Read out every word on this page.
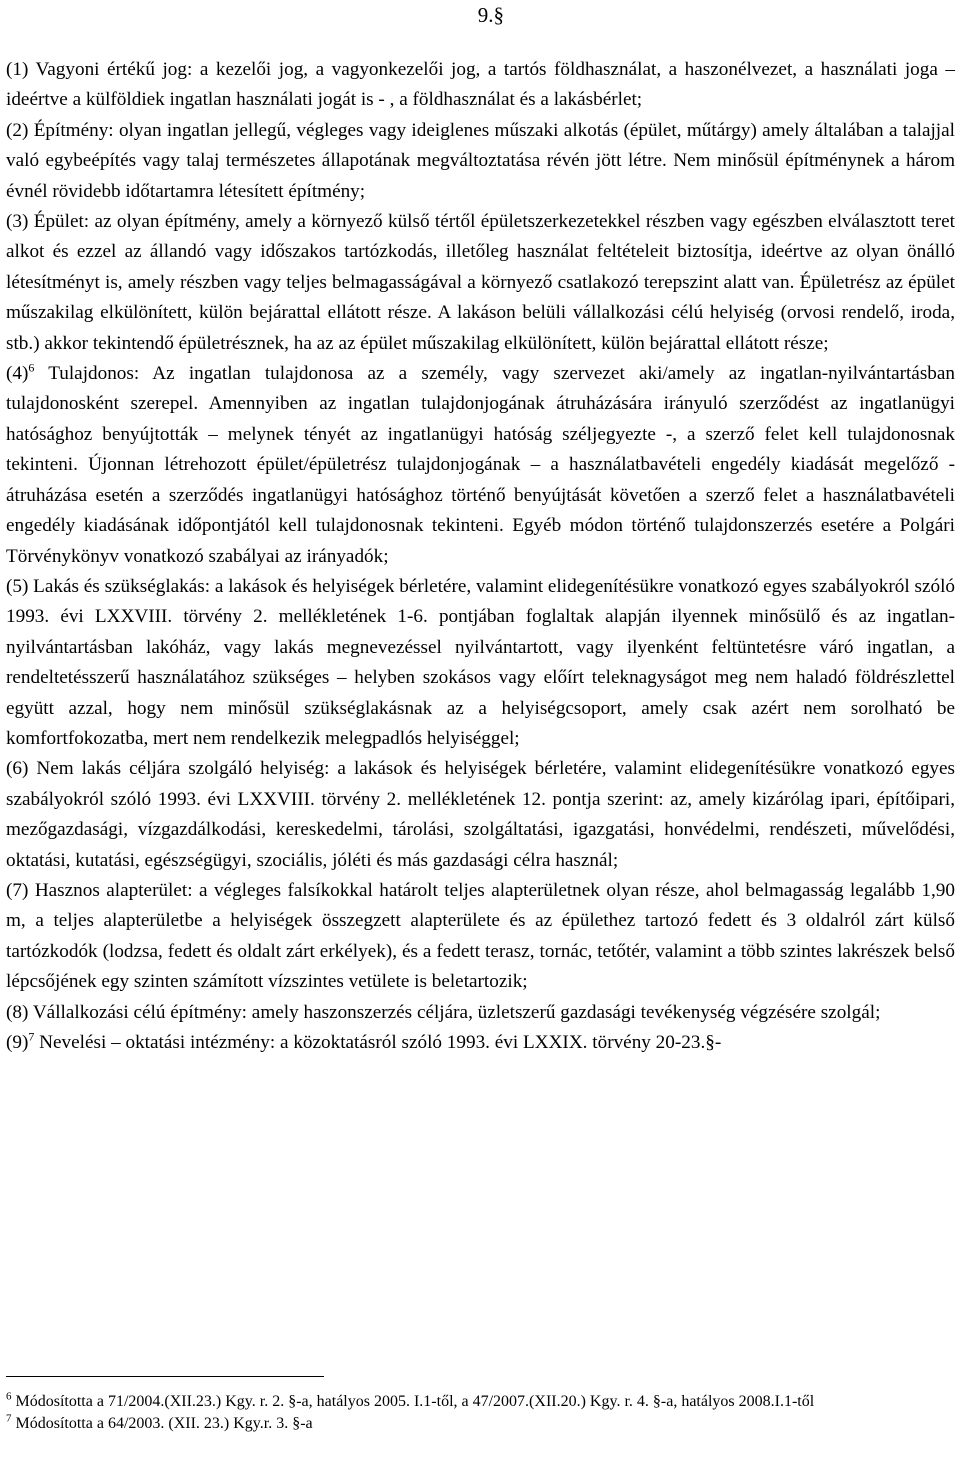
9.§

(1) Vagyoni értékű jog: a kezelői jog, a vagyonkezelői jog, a tartós földhasználat, a haszonélvezet, a használati joga – ideértve a külföldiek ingatlan használati jogát is - , a földhasználat és a lakásbérlet;

(2) Építmény: olyan ingatlan jellegű, végleges vagy ideiglenes műszaki alkotás (épület, műtárgy) amely általában a talajjal való egybeépítés vagy talaj természetes állapotának megváltoztatása révén jött létre. Nem minősül építménynek a három évnél rövidebb időtartamra létesített építmény;

(3) Épület: az olyan építmény, amely a környező külső tértől épületszerkezetekkel részben vagy egészben elválasztott teret alkot és ezzel az állandó vagy időszakos tartózkodás, illetőleg használat feltételeit biztosítja, ideértve az olyan önálló létesítményt is, amely részben vagy teljes belmagasságával a környező csatlakozó terepszint alatt van. Épületrész az épület műszakilag elkülönített, külön bejárattal ellátott része. A lakáson belüli vállalkozási célú helyiség (orvosi rendelő, iroda, stb.) akkor tekintendő épületrésznek, ha az az épület műszakilag elkülönített, külön bejárattal ellátott része;

$(4)^6$ Tulajdonos: Az ingatlan tulajdonosa az a személy, vagy szervezet aki/amely az ingatlan-nyilvántartásban tulajdonosként szerepel. Amennyiben az ingatlan tulajdonjogának átruházására irányuló szerződést az ingatlanügyi hatósághoz benyújtották – melynek tényét az ingatlanügyi hatóság széljegyezte -, a szerző felet kell tulajdonosnak tekinteni. Újonnan létrehozott épület/épületrész tulajdonjogának – a használatbavételi engedély kiadását megelőző - átruházása esetén a szerződés ingatlanügyi hatósághoz történő benyújtását követően a szerző felet a használatbavételi engedély kiadásának időpontjától kell tulajdonosnak tekinteni. Egyéb módon történő tulajdonszerzés esetére a Polgári Törvénykönyv vonatkozó szabályai az irányadók;

(5) Lakás és szükséglakás: a lakások és helyiségek bérletére, valamint elidegenítésükre vonatkozó egyes szabályokról szóló 1993. évi LXXVIII. törvény 2. mellékletének 1-6. pontjában foglaltak alapján ilyennek minősülő és az ingatlan-nyilvántartásban lakóház, vagy lakás megnevezéssel nyilvántartott, vagy ilyenként feltüntetésre váró ingatlan, a rendeltetésszerű használatához szükséges – helyben szokásos vagy előírt teleknagyságot meg nem haladó földrészlettel együtt azzal, hogy nem minősül szükséglakásnak az a helyiségcsoport, amely csak azért nem sorolható be komfortfokozatba, mert nem rendelkezik melegpadlós helyiséggel;

(6) Nem lakás céljára szolgáló helyiség: a lakások és helyiségek bérletére, valamint elidegenítésükre vonatkozó egyes szabályokról szóló 1993. évi LXXVIII. törvény 2. mellékletének 12. pontja szerint: az, amely kizárólag ipari, építőipari, mezőgazdasági, vízgazdálkodási, kereskedelmi, tárolási, szolgáltatási, igazgatási, honvédelmi, rendészeti, művelődési, oktatási, kutatási, egészségügyi, szociális, jóléti és más gazdasági célra használ;

(7) Hasznos alapterület: a végleges falsíkokkal határolt teljes alapterületnek olyan része, ahol belmagasság legalább 1,90 m, a teljes alapterületbe a helyiségek összegzett alapterülete és az épülethez tartozó fedett és 3 oldalról zárt külső tartózkodók (lodzsa, fedett és oldalt zárt erkélyek), és a fedett terasz, tornác, tetőtér, valamint a több szintes lakrészek belső lépcsőjének egy szinten számított vízszintes vetülete is beletartozik;

(8) Vállalkozási célú építmény: amely haszonszerzés céljára, üzletszerű gazdasági tevékenység végzésére szolgál;

$(9)^7$ Nevelési – oktatási intézmény: a közoktatásról szóló 1993. évi LXXIX. törvény 20-23.§-

$^6$ Módosította a 71/2004.(XII.23.) Kgy. r. 2. §-a, hatályos 2005. I.1-től, a 47/2007.(XII.20.) Kgy. r. 4. §-a, hatályos 2008.I.1-től

$^7$ Módosította a 64/2003. (XII. 23.) Kgy.r. 3. §-a
